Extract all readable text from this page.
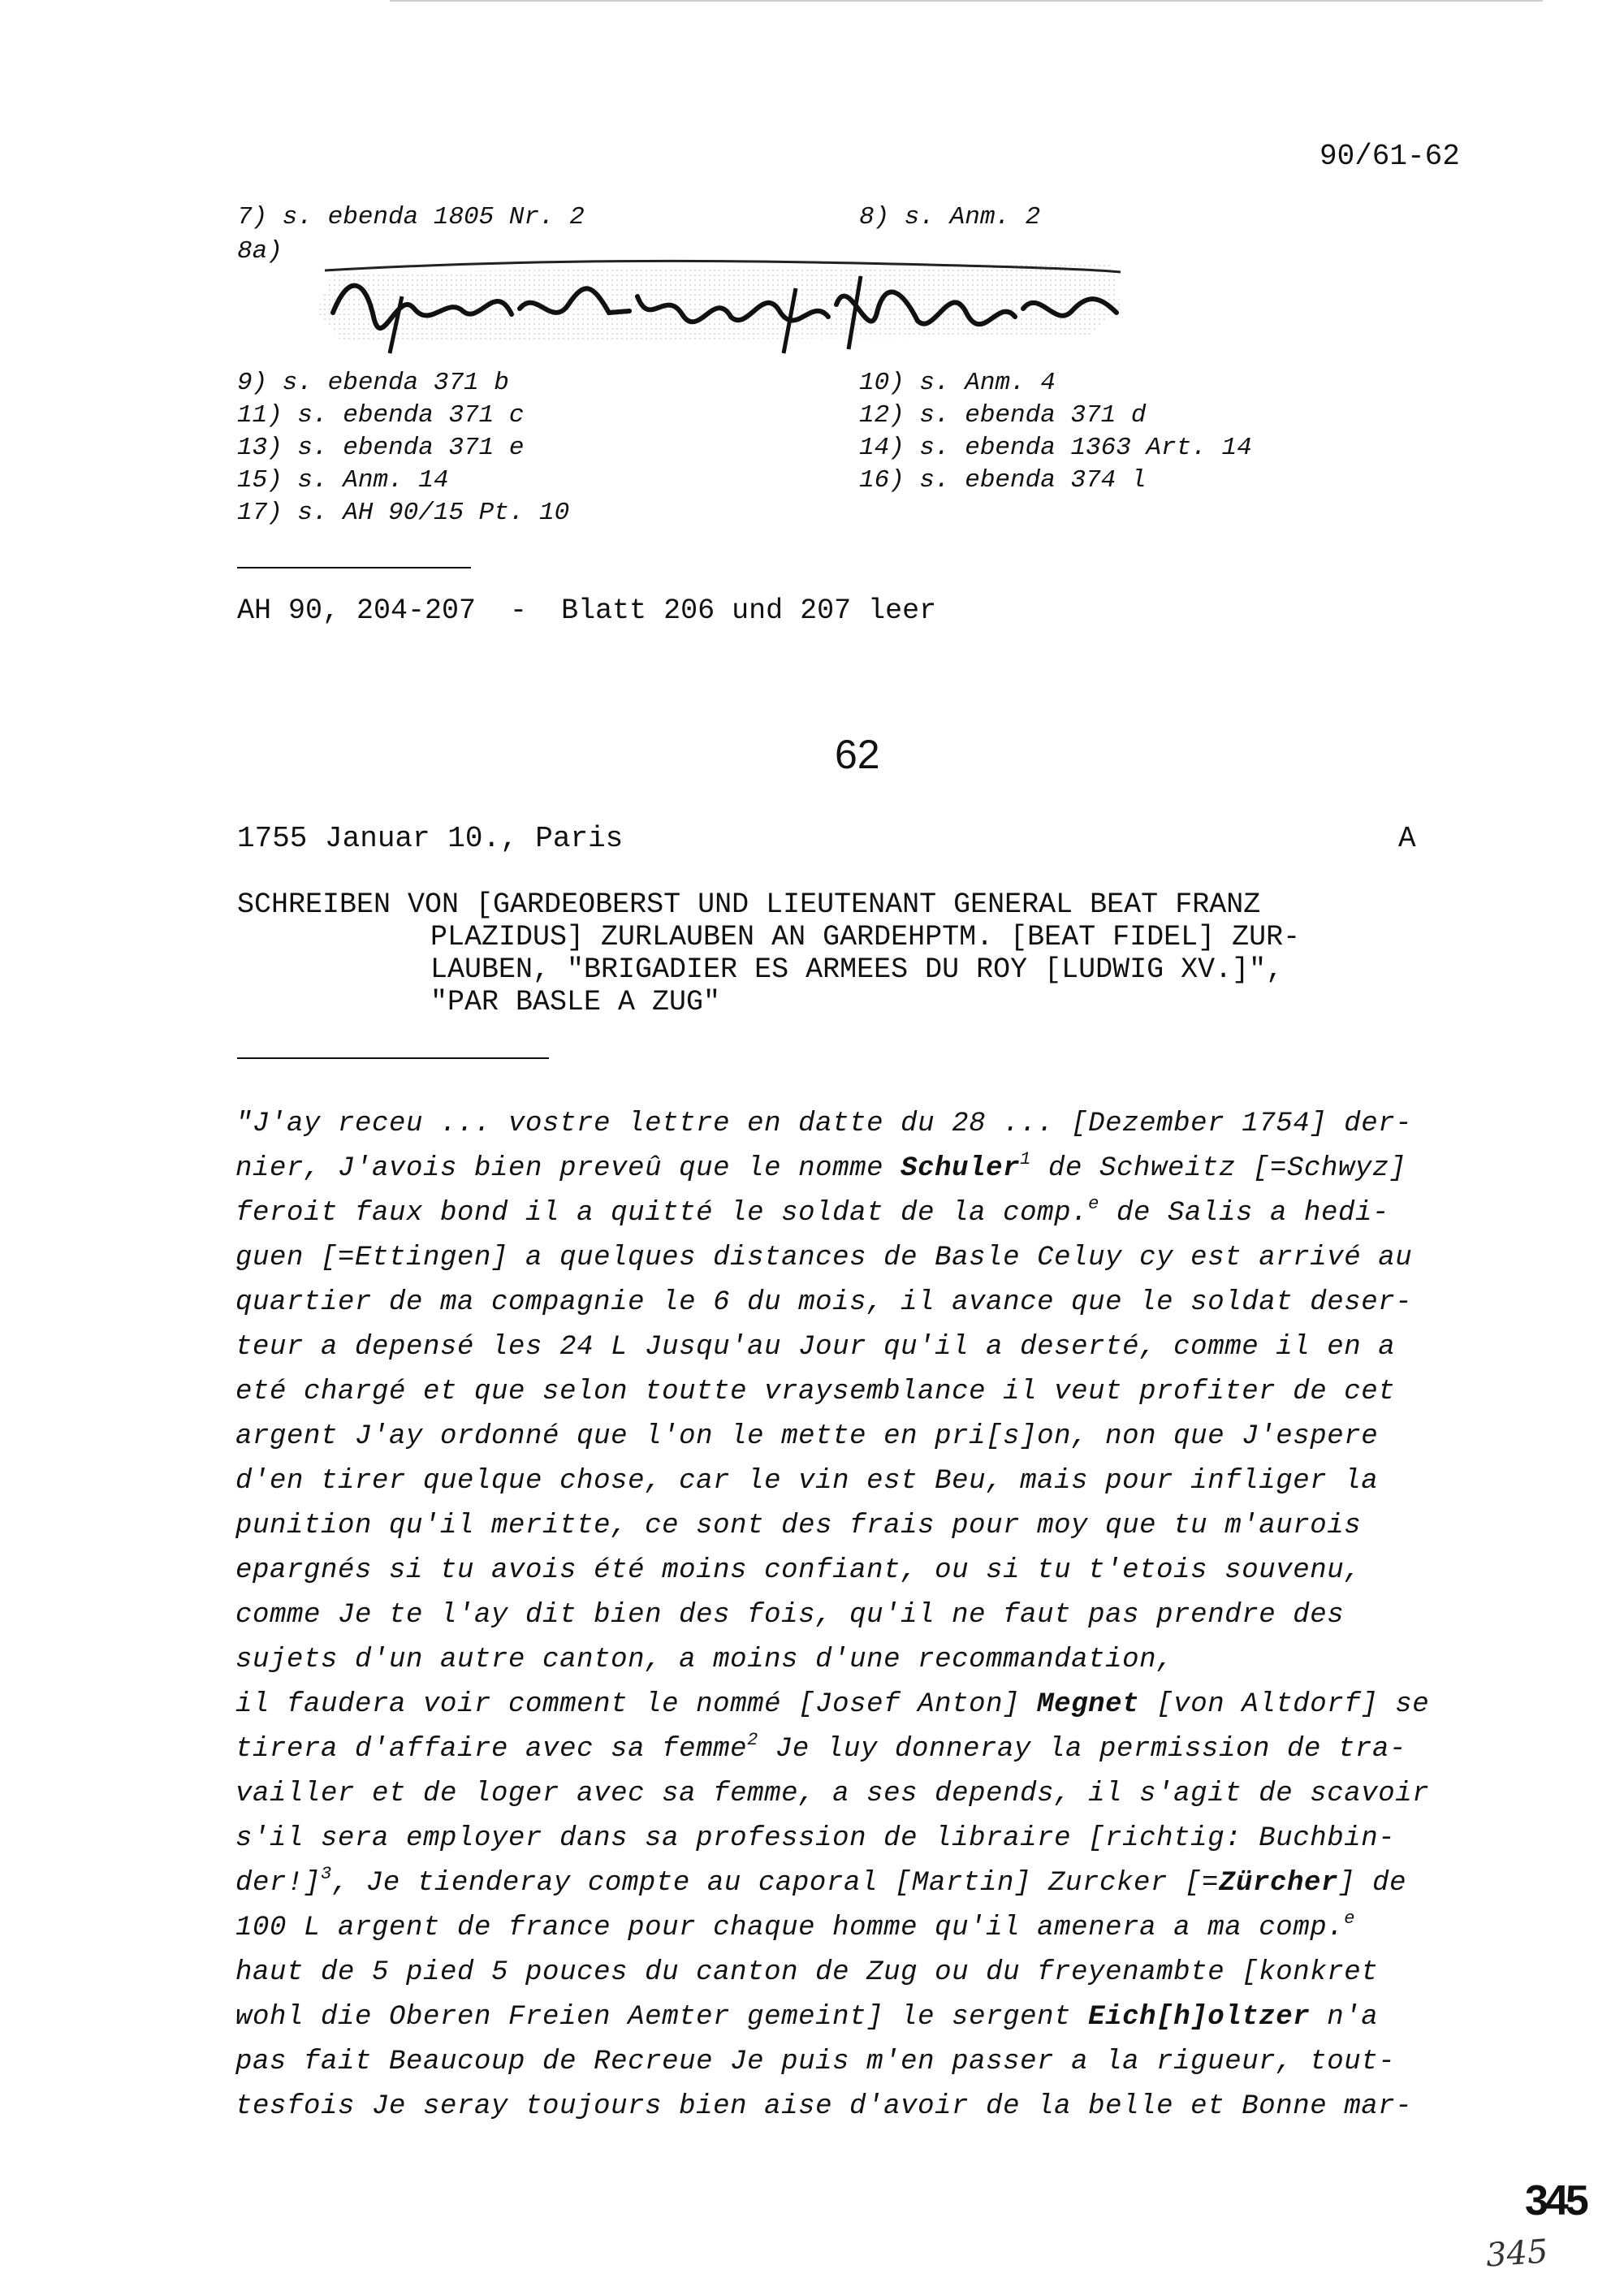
90/61-62
7) s. ebenda 1805 Nr. 2	8) s. Anm. 2
8a)
9) s. ebenda 371 b	10) s. Anm. 4
11) s. ebenda 371 c	12) s. ebenda 371 d
13) s. ebenda 371 e	14) s. ebenda 1363 Art. 14
15) s. Anm. 14	16) s. ebenda 374 l
17) s. AH 90/15 Pt. 10
AH 90, 204-207  -  Blatt 206 und 207 leer
62
1755 Januar 10., Paris	A
SCHREIBEN VON [GARDEOBERST UND LIEUTENANT GENERAL BEAT FRANZ
PLAZIDUS] ZURLAUBEN AN GARDEHPTM. [BEAT FIDEL] ZUR-
LAUBEN, "BRIGADIER ES ARMEES DU ROY [LUDWIG XV.]",
"PAR BASLE A ZUG"
"J'ay receu ... vostre lettre en datte du 28 ... [Dezember 1754] der-
nier, J'avois bien preveû que le nomme Schuler$^1$ de Schweitz [=Schwyz]
feroit faux bond il a quitté le soldat de la comp.$^e$ de Salis a hedi-
guen [=Ettingen] a quelques distances de Basle Celuy cy est arrivé au
quartier de ma compagnie le 6 du mois, il avance que le soldat deser-
teur a depensé les 24 L Jusqu'au Jour qu'il a deserté, comme il en a
eté chargé et que selon toutte vraysemblance il veut profiter de cet
argent J'ay ordonné que l'on le mette en pri[s]on, non que J'espere
d'en tirer quelque chose, car le vin est Beu, mais pour infliger la
punition qu'il meritte, ce sont des frais pour moy que tu m'aurois
epargnés si tu avois été moins confiant, ou si tu t'etois souvenu,
comme Je te l'ay dit bien des fois, qu'il ne faut pas prendre des
sujets d'un autre canton, a moins d'une recommandation,
il faudera voir comment le nommé [Josef Anton] Megnet [von Altdorf] se
tirera d'affaire avec sa femme$^2$ Je luy donneray la permission de tra-
vailler et de loger avec sa femme, a ses depends, il s'agit de scavoir
s'il sera employer dans sa profession de libraire [richtig: Buchbin-
der!]$^3$, Je tienderay compte au caporal [Martin] Zurcker [=Zürcher] de
100 L argent de france pour chaque homme qu'il amenera a ma comp.$^e$
haut de 5 pied 5 pouces du canton de Zug ou du freyenambte [konkret
wohl die Oberen Freien Aemter gemeint] le sergent Eich[h]oltzer n'a
pas fait Beaucoup de Recreue Je puis m'en passer a la rigueur, tout-
tesfois Je seray toujours bien aise d'avoir de la belle et Bonne mar-
345
345
